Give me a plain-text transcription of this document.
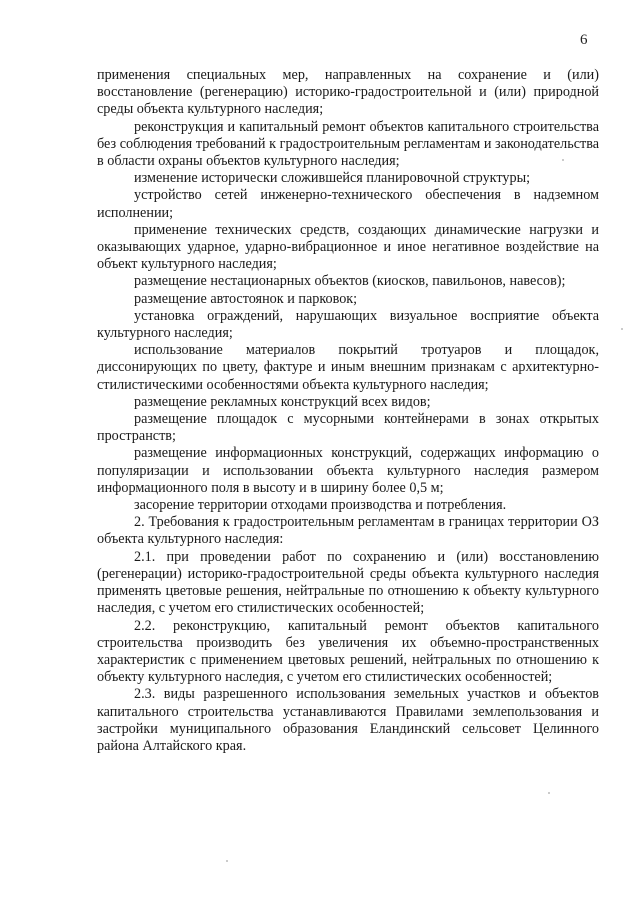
6

применения специальных мер, направленных на сохранение и (или) восстановление (регенерацию) историко-градостроительной и (или) природной среды объекта культурного наследия;

реконструкция и капитальный ремонт объектов капитального строительства без соблюдения требований к градостроительным регламентам и законодательства в области охраны объектов культурного наследия;

изменение исторически сложившейся планировочной структуры;

устройство сетей инженерно-технического обеспечения в надземном исполнении;

применение технических средств, создающих динамические нагрузки и оказывающих ударное, ударно-вибрационное и иное негативное воздействие на объект культурного наследия;

размещение нестационарных объектов (киосков, павильонов, навесов);

размещение автостоянок и парковок;

установка ограждений, нарушающих визуальное восприятие объекта культурного наследия;

использование материалов покрытий тротуаров и площадок, диссонирующих по цвету, фактуре и иным внешним признакам с архитектурно-стилистическими особенностями объекта культурного наследия;

размещение рекламных конструкций всех видов;

размещение площадок с мусорными контейнерами в зонах открытых пространств;

размещение информационных конструкций, содержащих информацию о популяризации и использовании объекта культурного наследия размером информационного поля в высоту и в ширину более 0,5 м;

засорение территории отходами производства и потребления.

2. Требования к градостроительным регламентам в границах территории ОЗ объекта культурного наследия:

2.1. при проведении работ по сохранению и (или) восстановлению (регенерации) историко-градостроительной среды объекта культурного наследия применять цветовые решения, нейтральные по отношению к объекту культурного наследия, с учетом его стилистических особенностей;

2.2. реконструкцию, капитальный ремонт объектов капитального строительства производить без увеличения их объемно-пространственных характеристик с применением цветовых решений, нейтральных по отношению к объекту культурного наследия, с учетом его стилистических особенностей;

2.3. виды разрешенного использования земельных участков и объектов капитального строительства устанавливаются Правилами землепользования и застройки муниципального образования Еландинский сельсовет Целинного района Алтайского края.
